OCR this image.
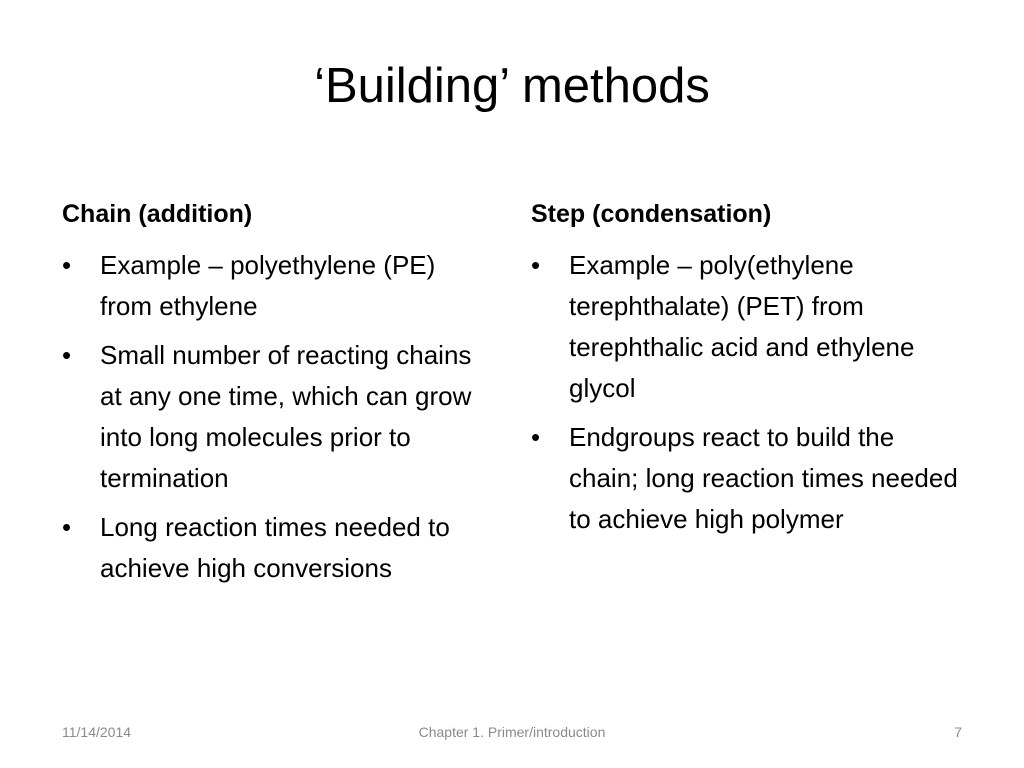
‘Building’ methods
Chain (addition)
•	Example – polyethylene (PE) from ethylene
•	Small number of reacting chains at any one time, which can grow into long molecules prior to termination
•	Long reaction times needed to achieve high conversions
Step (condensation)
•	Example – poly(ethylene terephthalate) (PET) from terephthalic acid and ethylene glycol
•	Endgroups react to build the chain; long reaction times needed to achieve high polymer
11/14/2014	Chapter 1. Primer/introduction	7
